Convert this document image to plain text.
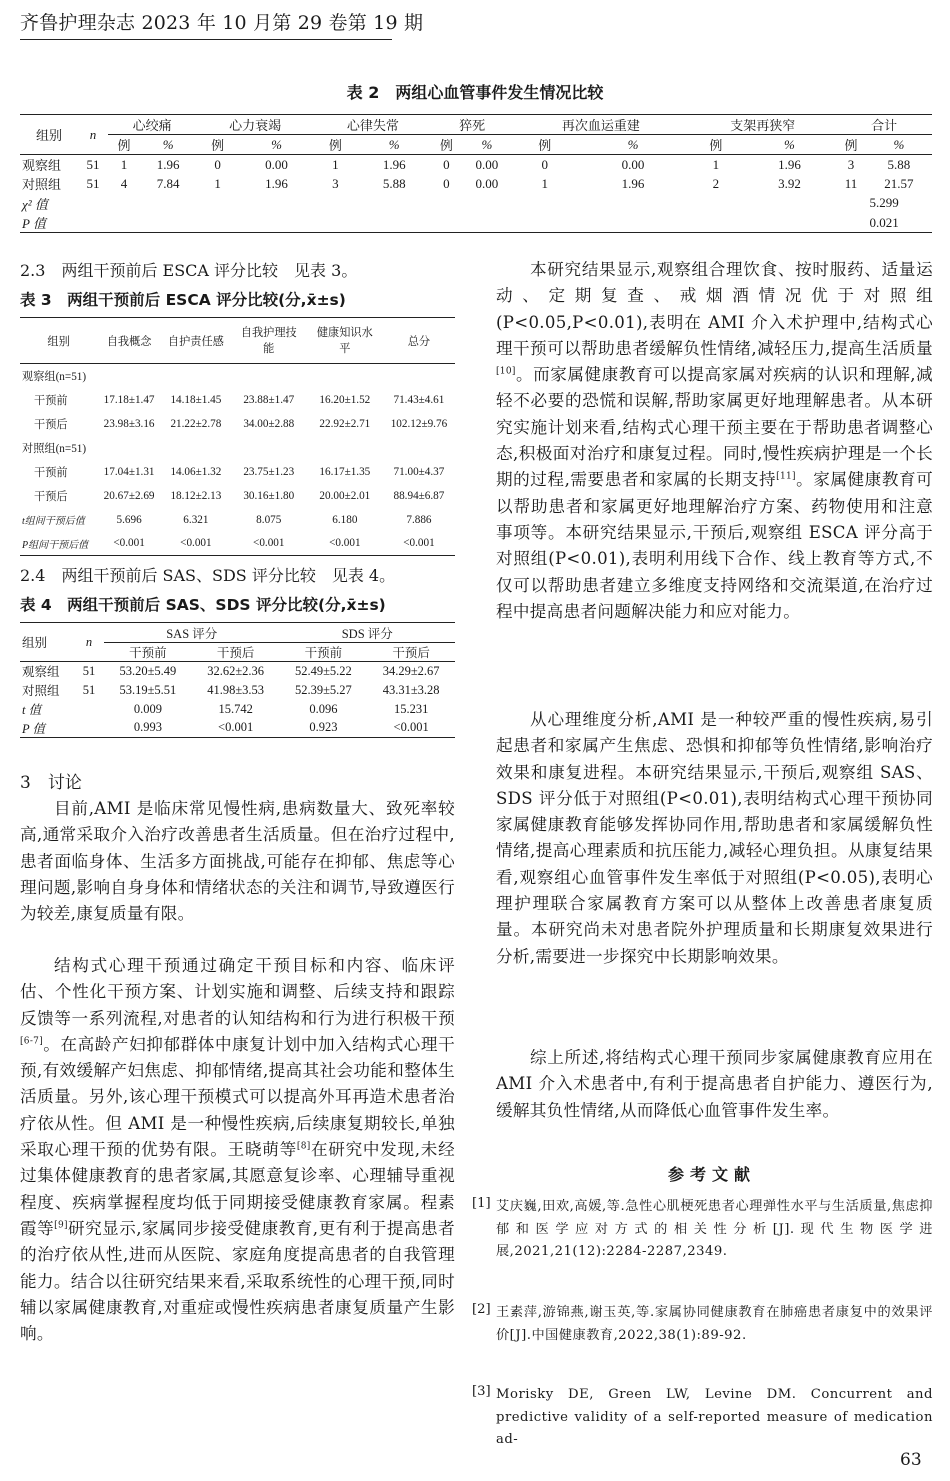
齐鲁护理杂志 2023 年 10 月第 29 卷第 19 期
表 2　两组心血管事件发生情况比较
组别	n	心绞痛		心力衰竭		心律失常		猝死		再次血运重建		支架再狭窄		合计	
		例	%	例	%	例	%	例	%	例	%	例	%	例	%
观察组	51	1	1.96	0	0.00	1	1.96	0	0.00	0	0.00	1	1.96	3	5.88
对照组	51	4	7.84	1	1.96	3	5.88	0	0.00	1	1.96	2	3.92	11	21.57
χ² 值														5.299	
P 值														0.021	
2.3　两组干预前后 ESCA 评分比较　见表 3。
表 3　两组干预前后 ESCA 评分比较(分,x̄±s)
组别	自我概念	自护责任感	自我护理技能	健康知识水平	总分
观察组(n=51)					
干预前	17.18±1.47	14.18±1.45	23.88±1.47	16.20±1.52	71.43±4.61
干预后	23.98±3.16	21.22±2.78	34.00±2.88	22.92±2.71	102.12±9.76
对照组(n=51)					
干预前	17.04±1.31	14.06±1.32	23.75±1.23	16.17±1.35	71.00±4.37
干预后	20.67±2.69	18.12±2.13	30.16±1.80	20.00±2.01	88.94±6.87
t组间干预后值	5.696	6.321	8.075	6.180	7.886
P组间干预后值	<0.001	<0.001	<0.001	<0.001	<0.001
2.4　两组干预前后 SAS、SDS 评分比较　见表 4。
表 4　两组干预前后 SAS、SDS 评分比较(分,x̄±s)
组别	n	SAS 评分		SDS 评分	
		干预前	干预后	干预前	干预后
观察组	51	53.20±5.49	32.62±2.36	52.49±5.22	34.29±2.67
对照组	51	53.19±5.51	41.98±3.53	52.39±5.27	43.31±3.28
t 值		0.009	15.742	0.096	15.231
P 值		0.993	<0.001	0.923	<0.001
3　讨论
目前,AMI 是临床常见慢性病,患病数量大、致死率较高,通常采取介入治疗改善患者生活质量。但在治疗过程中,患者面临身体、生活多方面挑战,可能存在抑郁、焦虑等心理问题,影响自身身体和情绪状态的关注和调节,导致遵医行为较差,康复质量有限。
结构式心理干预通过确定干预目标和内容、临床评估、个性化干预方案、计划实施和调整、后续支持和跟踪反馈等一系列流程,对患者的认知结构和行为进行积极干预[6-7]。在高龄产妇抑郁群体中康复计划中加入结构式心理干预,有效缓解产妇焦虑、抑郁情绪,提高其社会功能和整体生活质量。另外,该心理干预模式可以提高外耳再造术患者治疗依从性。但 AMI 是一种慢性疾病,后续康复期较长,单独采取心理干预的优势有限。王晓萌等[8]在研究中发现,未经过集体健康教育的患者家属,其愿意复诊率、心理辅导重视程度、疾病掌握程度均低于同期接受健康教育家属。程素霞等[9]研究显示,家属同步接受健康教育,更有利于提高患者的治疗依从性,进而从医院、家庭角度提高患者的自我管理能力。结合以往研究结果来看,采取系统性的心理干预,同时辅以家属健康教育,对重症或慢性疾病患者康复质量产生影响。
本研究结果显示,观察组合理饮食、按时服药、适量运动、定期复查、戒烟酒情况优于对照组(P<0.05,P<0.01),表明在 AMI 介入术护理中,结构式心理干预可以帮助患者缓解负性情绪,减轻压力,提高生活质量[10]。而家属健康教育可以提高家属对疾病的认识和理解,减轻不必要的恐慌和误解,帮助家属更好地理解患者。从本研究实施计划来看,结构式心理干预主要在于帮助患者调整心态,积极面对治疗和康复过程。同时,慢性疾病护理是一个长期的过程,需要患者和家属的长期支持[11]。家属健康教育可以帮助患者和家属更好地理解治疗方案、药物使用和注意事项等。本研究结果显示,干预后,观察组 ESCA 评分高于对照组(P<0.01),表明利用线下合作、线上教育等方式,不仅可以帮助患者建立多维度支持网络和交流渠道,在治疗过程中提高患者问题解决能力和应对能力。
从心理维度分析,AMI 是一种较严重的慢性疾病,易引起患者和家属产生焦虑、恐惧和抑郁等负性情绪,影响治疗效果和康复进程。本研究结果显示,干预后,观察组 SAS、SDS 评分低于对照组(P<0.01),表明结构式心理干预协同家属健康教育能够发挥协同作用,帮助患者和家属缓解负性情绪,提高心理素质和抗压能力,减轻心理负担。从康复结果看,观察组心血管事件发生率低于对照组(P<0.05),表明心理护理联合家属教育方案可以从整体上改善患者康复质量。本研究尚未对患者院外护理质量和长期康复效果进行分析,需要进一步探究中长期影响效果。
综上所述,将结构式心理干预同步家属健康教育应用在 AMI 介入术患者中,有利于提高患者自护能力、遵医行为,缓解其负性情绪,从而降低心血管事件发生率。
参考文献
[1] 艾庆巍,田欢,高媛,等.急性心肌梗死患者心理弹性水平与生活质量,焦虑抑郁和医学应对方式的相关性分析[J].现代生物医学进展,2021,21(12):2284-2287,2349.
[2] 王素萍,游锦燕,谢玉英,等.家属协同健康教育在肺癌患者康复中的效果评价[J].中国健康教育,2022,38(1):89-92.
[3] Morisky DE, Green LW, Levine DM. Concurrent and predictive validity of a self-reported measure of medication ad-
63
